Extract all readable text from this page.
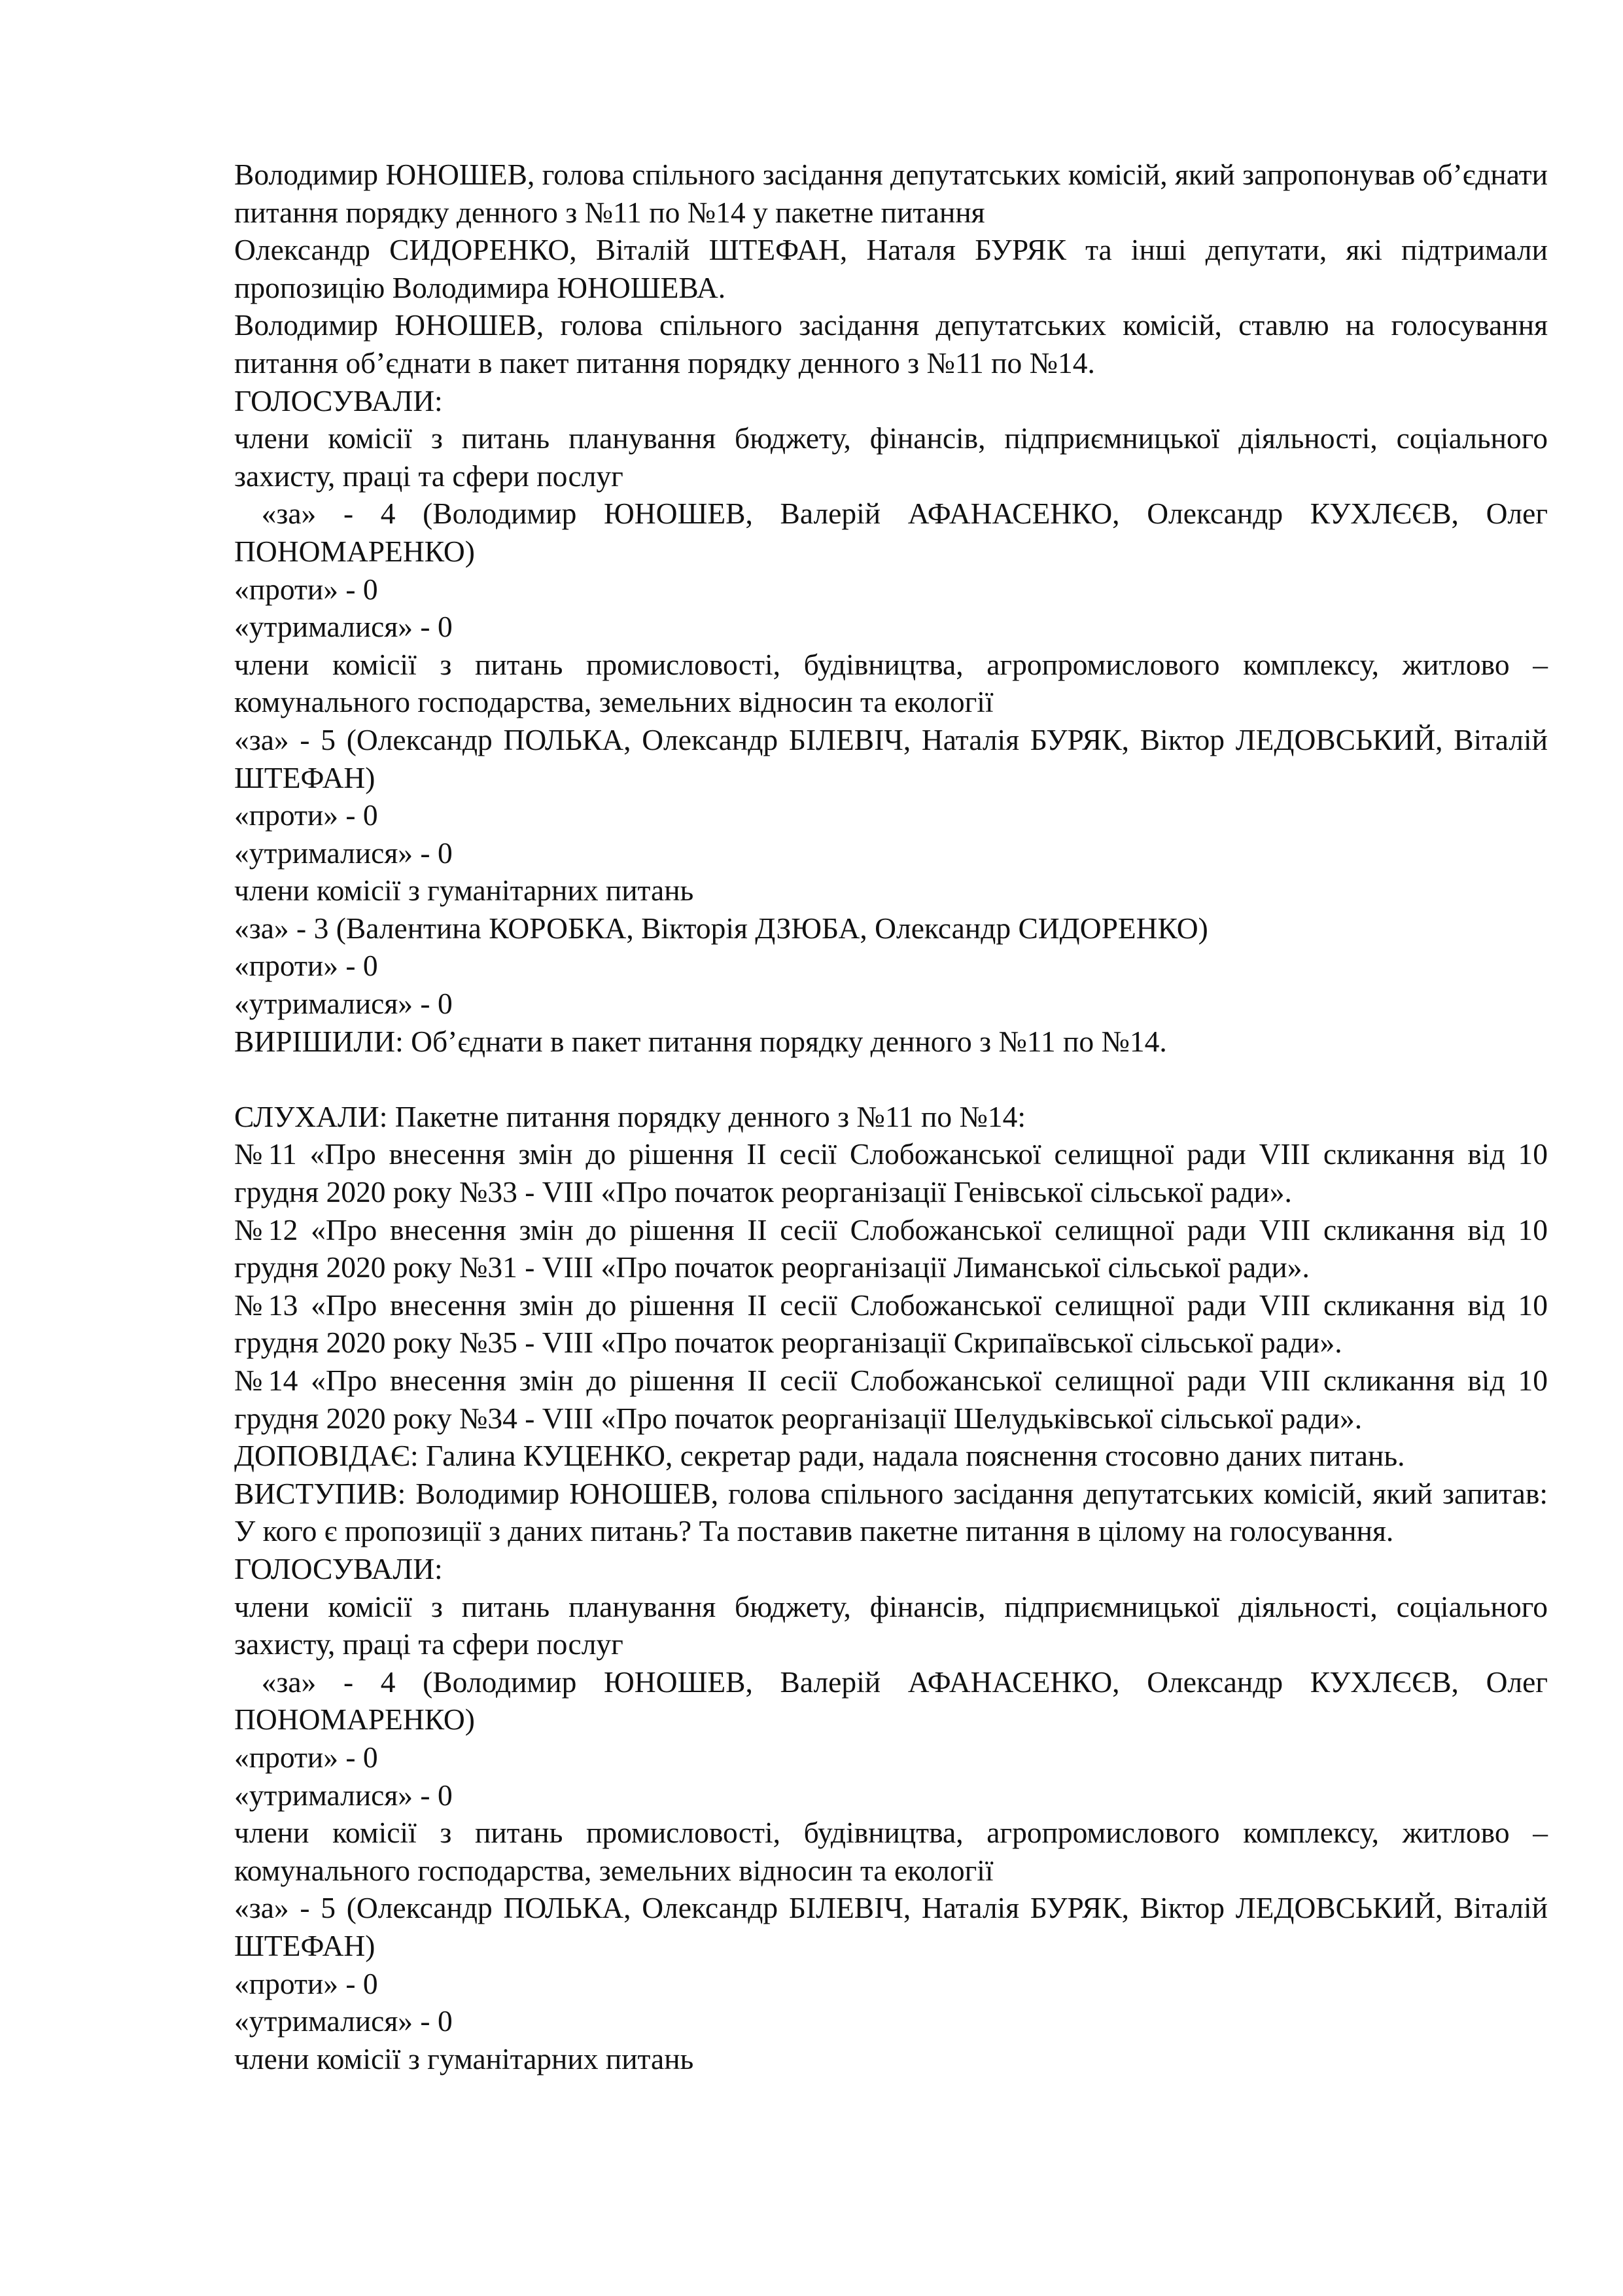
Володимир ЮНОШЕВ, голова спільного засідання депутатських комісій, який запропонував об’єднати питання порядку денного з №11 по №14 у пакетне питання

Олександр СИДОРЕНКО, Віталій ШТЕФАН, Наталя БУРЯК та інші депутати, які підтримали пропозицію Володимира ЮНОШЕВА.

Володимир ЮНОШЕВ, голова спільного засідання депутатських комісій, ставлю на голосування питання об’єднати в пакет питання порядку денного з №11 по №14.

ГОЛОСУВАЛИ:

члени комісії з питань планування бюджету, фінансів, підприємницької діяльності, соціального захисту, праці та сфери послуг

«за» - 4 (Володимир ЮНОШЕВ, Валерій АФАНАСЕНКО, Олександр КУХЛЄЄВ, Олег ПОНОМАРЕНКО)

«проти» - 0

«утрималися» - 0

члени комісії з питань промисловості, будівництва, агропромислового комплексу, житлово – комунального господарства, земельних відносин та екології

«за» - 5 (Олександр ПОЛЬКА, Олександр БІЛЕВІЧ, Наталія БУРЯК, Віктор ЛЕДОВСЬКИЙ, Віталій ШТЕФАН)

«проти» - 0

«утрималися» - 0

члени комісії з гуманітарних питань

«за» - 3 (Валентина КОРОБКА, Вікторія ДЗЮБА, Олександр СИДОРЕНКО)

«проти» - 0

«утрималися» - 0

ВИРІШИЛИ: Об’єднати в пакет питання порядку денного з №11 по №14.

СЛУХАЛИ: Пакетне питання порядку денного з №11 по №14:

№11 «Про внесення змін до рішення ІІ сесії Слобожанської селищної ради VIII скликання від 10 грудня 2020 року №33 - VIII «Про початок реорганізації Генівської сільської ради».

№12 «Про внесення змін до рішення ІІ сесії Слобожанської селищної ради VIII скликання від 10 грудня 2020 року №31 - VIII «Про початок реорганізації Лиманської сільської ради».

№13 «Про внесення змін до рішення ІІ сесії Слобожанської селищної ради VIII скликання від 10 грудня 2020 року №35 - VIII «Про початок реорганізації Скрипаївської сільської ради».

№14 «Про внесення змін до рішення ІІ сесії Слобожанської селищної ради VIII скликання від 10 грудня 2020 року №34 - VIII «Про початок реорганізації Шелудьківської сільської ради».

ДОПОВІДАЄ: Галина КУЦЕНКО, секретар ради, надала пояснення стосовно даних питань.

ВИСТУПИВ: Володимир ЮНОШЕВ, голова спільного засідання депутатських комісій, який запитав: У кого є пропозиції з даних питань? Та поставив пакетне питання в цілому на голосування.

ГОЛОСУВАЛИ:

члени комісії з питань планування бюджету, фінансів, підприємницької діяльності, соціального захисту, праці та сфери послуг

«за» - 4 (Володимир ЮНОШЕВ, Валерій АФАНАСЕНКО, Олександр КУХЛЄЄВ, Олег ПОНОМАРЕНКО)

«проти» - 0

«утрималися» - 0

члени комісії з питань промисловості, будівництва, агропромислового комплексу, житлово – комунального господарства, земельних відносин та екології

«за» - 5 (Олександр ПОЛЬКА, Олександр БІЛЕВІЧ, Наталія БУРЯК, Віктор ЛЕДОВСЬКИЙ, Віталій ШТЕФАН)

«проти» - 0

«утрималися» - 0

члени комісії з гуманітарних питань
